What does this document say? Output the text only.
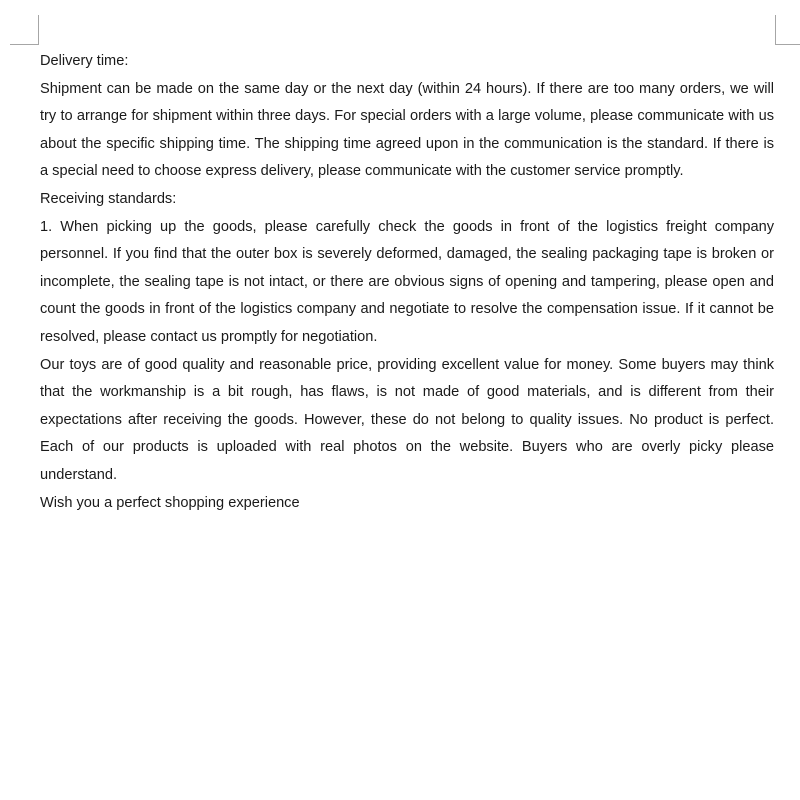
Delivery time:

Shipment can be made on the same day or the next day (within 24 hours). If there are too many orders, we will try to arrange for shipment within three days. For special orders with a large volume, please communicate with us about the specific shipping time. The shipping time agreed upon in the communication is the standard. If there is a special need to choose express delivery, please communicate with the customer service promptly.

Receiving standards:

1. When picking up the goods, please carefully check the goods in front of the logistics freight company personnel. If you find that the outer box is severely deformed, damaged, the sealing packaging tape is broken or incomplete, the sealing tape is not intact, or there are obvious signs of opening and tampering, please open and count the goods in front of the logistics company and negotiate to resolve the compensation issue. If it cannot be resolved, please contact us promptly for negotiation.

Our toys are of good quality and reasonable price, providing excellent value for money. Some buyers may think that the workmanship is a bit rough, has flaws, is not made of good materials, and is different from their expectations after receiving the goods. However, these do not belong to quality issues. No product is perfect. Each of our products is uploaded with real photos on the website. Buyers who are overly picky please understand.

Wish you a perfect shopping experience
